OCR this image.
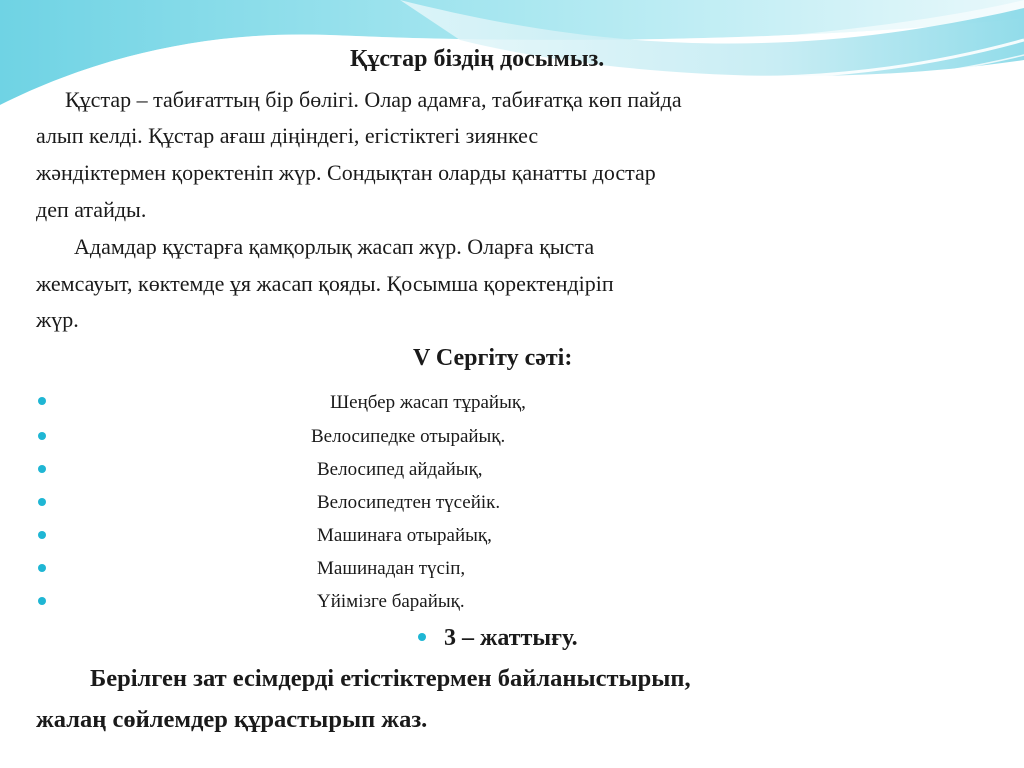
Құстар біздің досымыз.
Құстар – табиғаттың бір бөлігі. Олар адамға, табиғатқа көп пайда
алып келді. Құстар ағаш діңіндегі, егістіктегі зиянкес
жәндіктермен қоректеніп жүр. Сондықтан оларды қанатты достар
деп атайды.
Адамдар құстарға қамқорлық жасап жүр. Оларға қыста
жемсауыт, көктемде ұя жасап қояды. Қосымша қоректендіріп
жүр.
V Сергіту сәті:
Шеңбер жасап тұрайық,
Велосипедке отырайық.
Велосипед айдайық,
Велосипедтен түсейік.
Машинаға отырайық,
Машинадан түсіп,
Үйімізге барайық.
3 – жаттығу.
Берілген зат есімдерді етістіктермен байланыстырып,
жалаң сөйлемдер құрастырып жаз.
